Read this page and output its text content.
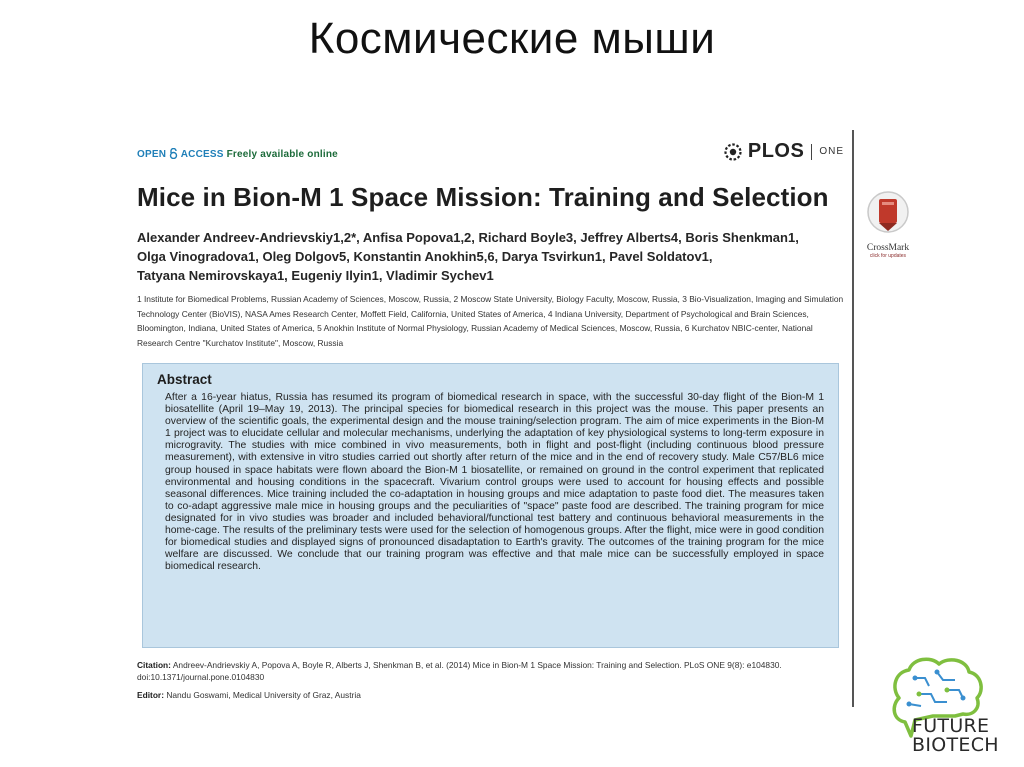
Космические мыши
OPEN ACCESS Freely available online	PLOS ONE
Mice in Bion-M 1 Space Mission: Training and Selection
Alexander Andreev-Andrievskiy1,2*, Anfisa Popova1,2, Richard Boyle3, Jeffrey Alberts4, Boris Shenkman1,
Olga Vinogradova1, Oleg Dolgov5, Konstantin Anokhin5,6, Darya Tsvirkun1, Pavel Soldatov1,
Tatyana Nemirovskaya1, Eugeniy Ilyin1, Vladimir Sychev1
1 Institute for Biomedical Problems, Russian Academy of Sciences, Moscow, Russia, 2 Moscow State University, Biology Faculty, Moscow, Russia, 3 Bio-Visualization, Imaging and Simulation Technology Center (BioVIS), NASA Ames Research Center, Moffett Field, California, United States of America, 4 Indiana University, Department of Psychological and Brain Sciences, Bloomington, Indiana, United States of America, 5 Anokhin Institute of Normal Physiology, Russian Academy of Medical Sciences, Moscow, Russia, 6 Kurchatov NBIC-center, National Research Centre "Kurchatov Institute", Moscow, Russia
Abstract
After a 16-year hiatus, Russia has resumed its program of biomedical research in space, with the successful 30-day flight of the Bion-M 1 biosatellite (April 19–May 19, 2013). The principal species for biomedical research in this project was the mouse. This paper presents an overview of the scientific goals, the experimental design and the mouse training/selection program. The aim of mice experiments in the Bion-M 1 project was to elucidate cellular and molecular mechanisms, underlying the adaptation of key physiological systems to long-term exposure in microgravity. The studies with mice combined in vivo measurements, both in flight and post-flight (including continuous blood pressure measurement), with extensive in vitro studies carried out shortly after return of the mice and in the end of recovery study. Male C57/BL6 mice group housed in space habitats were flown aboard the Bion-M 1 biosatellite, or remained on ground in the control experiment that replicated environmental and housing conditions in the spacecraft. Vivarium control groups were used to account for housing effects and possible seasonal differences. Mice training included the co-adaptation in housing groups and mice adaptation to paste food diet. The measures taken to co-adapt aggressive male mice in housing groups and the peculiarities of "space" paste food are described. The training program for mice designated for in vivo studies was broader and included behavioral/functional test battery and continuous behavioral measurements in the home-cage. The results of the preliminary tests were used for the selection of homogenous groups. After the flight, mice were in good condition for biomedical studies and displayed signs of pronounced disadaptation to Earth's gravity. The outcomes of the training program for the mice welfare are discussed. We conclude that our training program was effective and that male mice can be successfully employed in space biomedical research.
Citation: Andreev-Andrievskiy A, Popova A, Boyle R, Alberts J, Shenkman B, et al. (2014) Mice in Bion-M 1 Space Mission: Training and Selection. PLoS ONE 9(8): e104830. doi:10.1371/journal.pone.0104830
Editor: Nandu Goswami, Medical University of Graz, Austria
CrossMark
click for updates
FUTURE
BIOTECH
